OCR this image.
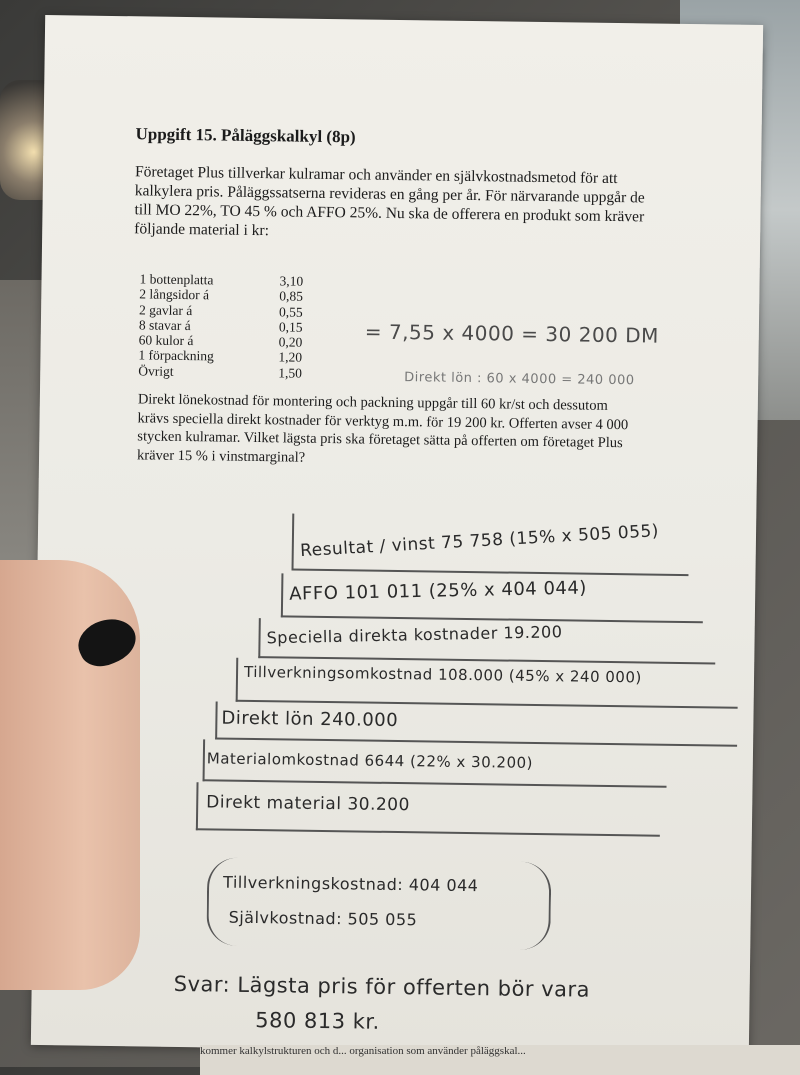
Uppgift 15. Påläggskalkyl (8p)
Företaget Plus tillverkar kulramar och använder en självkostnadsmetod för att kalkylera pris. Påläggssatserna revideras en gång per år. För närvarande uppgår de till MO 22%, TO 45 % och AFFO 25%. Nu ska de offerera en produkt som kräver följande material i kr:
1 bottenplatta	3,10
2 långsidor á	0,85
2 gavlar á	0,55
8 stavar á	0,15
60 kulor á	0,20
1 förpackning	1,20
Övrigt	1,50
= 7,55 x 4000 = 30 200 DM
Direkt lön : 60 x 4000 = 240 000
Direkt lönekostnad för montering och packning uppgår till 60 kr/st och dessutom krävs speciella direkt kostnader för verktyg m.m. för 19 200 kr. Offerten avser 4 000 stycken kulramar. Vilket lägsta pris ska företaget sätta på offerten om företaget Plus kräver 15 % i vinstmarginal?
Resultat / vinst 75 758 (15% x 505 055)
AFFO 101 011 (25% x 404 044)
Speciella direkta kostnader 19.200
Tillverkningsomkostnad 108.000 (45% x 240 000)
Direkt lön 240.000
Materialomkostnad 6644 (22% x 30.200)
Direkt material 30.200
Tillverkningskostnad: 404 044
Självkostnad: 505 055
Svar: Lägsta pris för offerten bör vara
580 813 kr.
kommer kalkylstrukturen och d... organisation som använder påläggskal...
